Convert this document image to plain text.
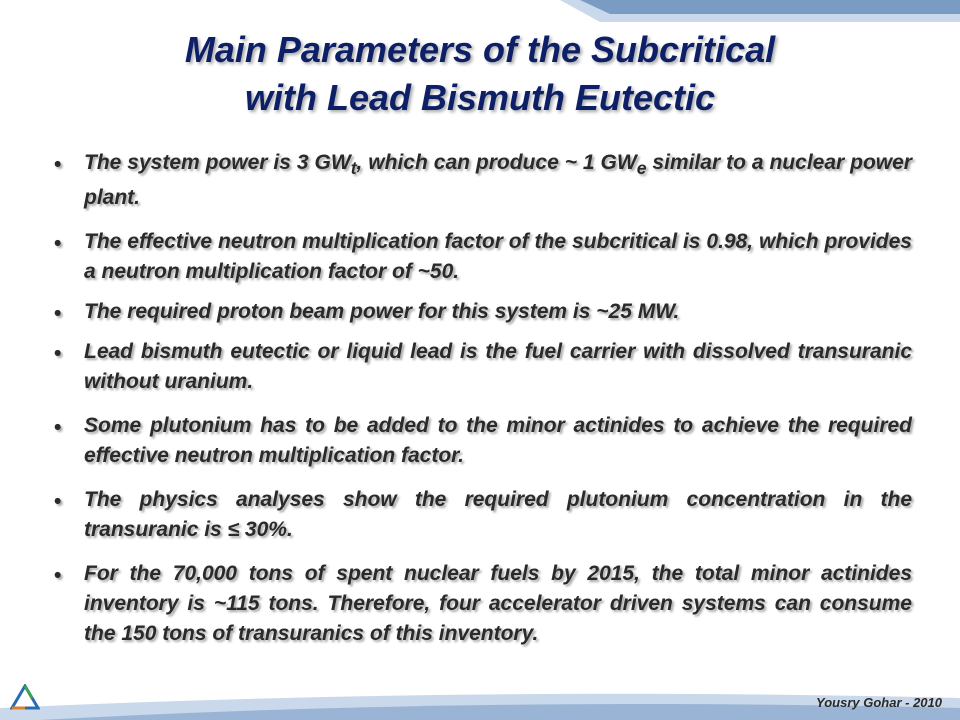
Main Parameters of the Subcritical
with Lead Bismuth Eutectic
• The system power is 3 $GW_t$, which can produce ~ 1 $GW_e$ similar to a nuclear power plant.
• The effective neutron multiplication factor of the subcritical is 0.98, which provides a neutron multiplication factor of ~50.
• The required proton beam power for this system is ~25 MW.
• Lead bismuth eutectic or liquid lead is the fuel carrier with dissolved transuranic without uranium.
• Some plutonium has to be added to the minor actinides to achieve the required effective neutron multiplication factor.
• The physics analyses show the required plutonium concentration in the transuranic is ≤ 30%.
• For the 70,000 tons of spent nuclear fuels by 2015, the total minor actinides inventory is ~115 tons. Therefore, four accelerator driven systems can consume the 150 tons of transuranics of this inventory.
Yousry Gohar - 2010
